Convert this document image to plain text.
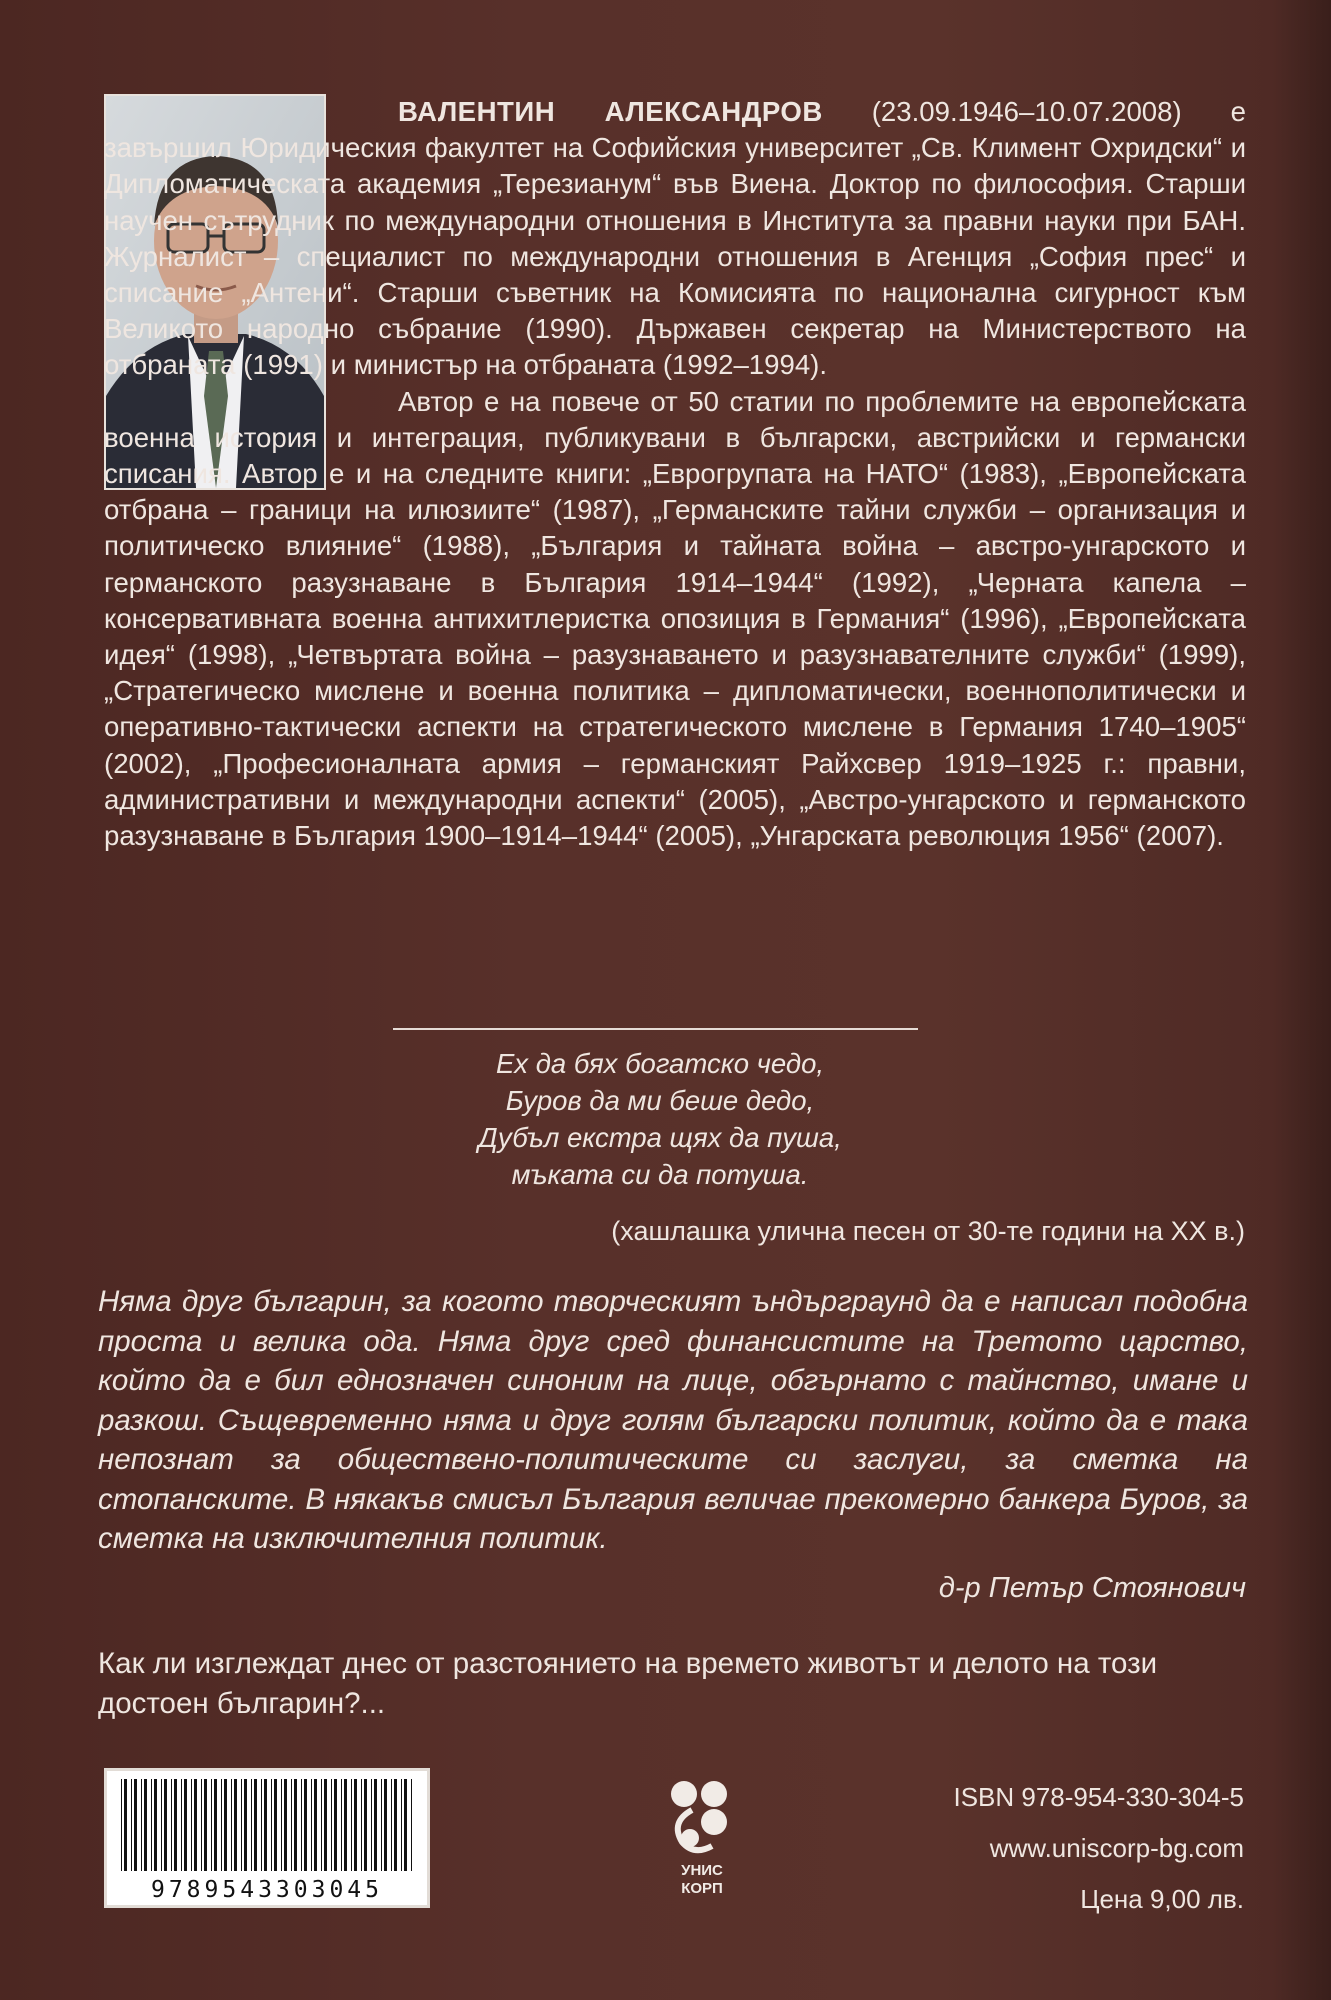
ВАЛЕНТИН АЛЕКСАНДРОВ (23.09.1946–10.07.2008) е завършил Юридическия факултет на Софийския университет „Св. Климент Охридски“ и Дипломатическата академия „Терезианум“ във Виена. Доктор по философия. Старши научен сътрудник по международни отношения в Института за правни науки при БАН. Журналист – специалист по международни отношения в Агенция „София прес“ и списание „Антени“. Старши съветник на Комисията по национална сигурност към Великото народно събрание (1990). Държавен секретар на Министерството на отбраната (1991) и министър на отбраната (1992–1994).

Автор е на повече от 50 статии по проблемите на европейската военна история и интеграция, публикувани в български, австрийски и германски списания. Автор е и на следните книги: „Еврогрупата на НАТО“ (1983), „Европейската отбрана – граници на илюзиите“ (1987), „Германските тайни служби – организация и политическо влияние“ (1988), „България и тайната война – австро-унгарското и германското разузнаване в България 1914–1944“ (1992), „Черната капела – консервативната военна антихитлеристка опозиция в Германия“ (1996), „Европейската идея“ (1998), „Четвъртата война – разузнаването и разузнавателните служби“ (1999), „Стратегическо мислене и военна политика – дипломатически, военнополитически и оперативно-тактически аспекти на стратегическото мислене в Германия 1740–1905“ (2002), „Професионалната армия – германският Райхсвер 1919–1925 г.: правни, административни и международни аспекти“ (2005), „Австро-унгарското и германското разузнаване в България 1900–1914–1944“ (2005), „Унгарската революция 1956“ (2007).

Ех да бях богатско чедо,
Буров да ми беше дедо,
Дубъл екстра щях да пуша,
мъката си да потуша.
(хашлашка улична песен от 30-те години на XX в.)
Няма друг българин, за когото творческият ъндърграунд да е написал подобна проста и велика ода. Няма друг сред финансистите на Третото царство, който да е бил еднозначен синоним на лице, обгърнато с тайнство, имане и разкош. Същевременно няма и друг голям български политик, който да е така непознат за обществено-политическите си заслуги, за сметка на стопанските. В някакъв смисъл България величае прекомерно банкера Буров, за сметка на изключителния политик.
д-р Петър Стоянович
Как ли изглеждат днес от разстоянието на времето животът и делото на този достоен българин?...
9789543303045
УНИС
КОРП
ISBN 978-954-330-304-5
www.uniscorp-bg.com
Цена 9,00 лв.
